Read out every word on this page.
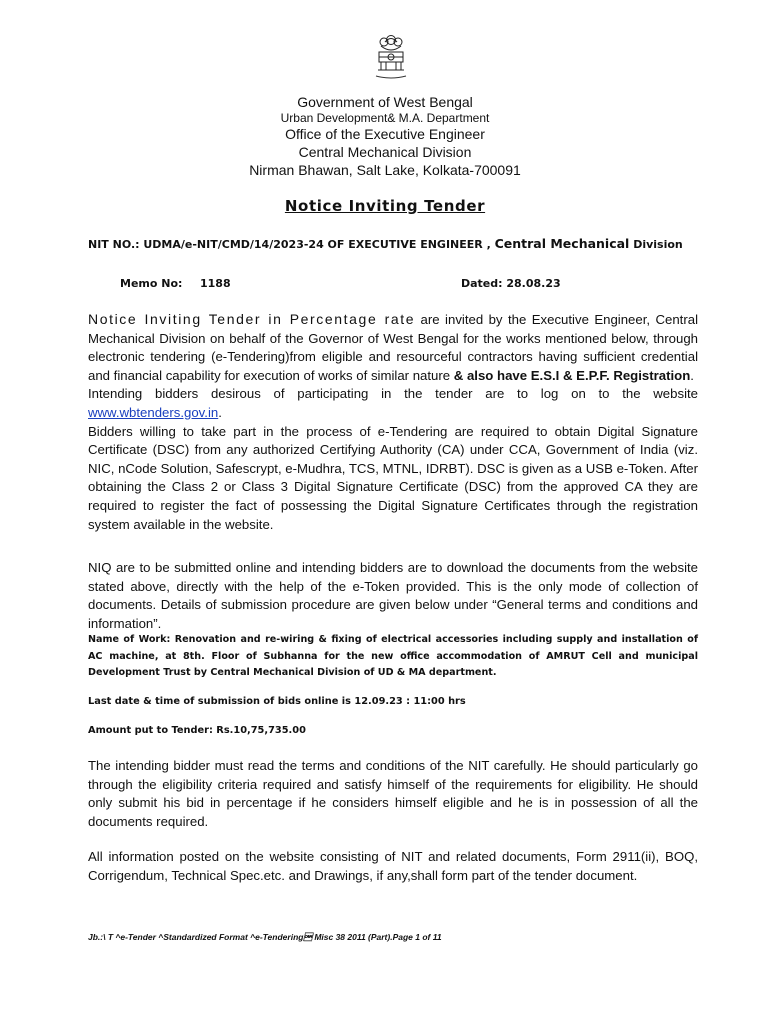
Government of West Bengal
Urban Development& M.A. Department
Office of the Executive Engineer
Central Mechanical Division
Nirman Bhawan, Salt Lake, Kolkata-700091
Notice Inviting Tender
NIT NO.: UDMA/e-NIT/CMD/14/2023-24 OF EXECUTIVE ENGINEER , Central Mechanical Division
Memo No: 1188	Dated: 28.08.23
Notice Inviting Tender in Percentage rate are invited by the Executive Engineer, Central Mechanical Division on behalf of the Governor of West Bengal for the works mentioned below, through electronic tendering (e-Tendering)from eligible and resourceful contractors having sufficient credential and financial capability for execution of works of similar nature & also have E.S.I & E.P.F. Registration.
Intending bidders desirous of participating in the tender are to log on to the website www.wbtenders.gov.in.
Bidders willing to take part in the process of e-Tendering are required to obtain Digital Signature Certificate (DSC) from any authorized Certifying Authority (CA) under CCA, Government of India (viz. NIC, nCode Solution, Safescrypt, e-Mudhra, TCS, MTNL, IDRBT). DSC is given as a USB e-Token. After obtaining the Class 2 or Class 3 Digital Signature Certificate (DSC) from the approved CA they are required to register the fact of possessing the Digital Signature Certificates through the registration system available in the website.
NIQ are to be submitted online and intending bidders are to download the documents from the website stated above, directly with the help of the e-Token provided. This is the only mode of collection of documents. Details of submission procedure are given below under “General terms and conditions and information”.
Name of Work: Renovation and re-wiring & fixing of electrical accessories including supply and installation of AC machine, at 8th. Floor of Subhanna for the new office accommodation of AMRUT Cell and municipal Development Trust by Central Mechanical Division of UD & MA department.
Last date & time of submission of bids online is 12.09.23 : 11:00 hrs
Amount put to Tender: Rs.10,75,735.00
The intending bidder must read the terms and conditions of the NIT carefully. He should particularly go through the eligibility criteria required and satisfy himself of the requirements for eligibility. He should only submit his bid in percentage if he considers himself eligible and he is in possession of all the documents required.
All information posted on the website consisting of NIT and related documents, Form 2911(ii), BOQ, Corrigendum, Technical Spec.etc. and Drawings, if any,shall form part of the tender document.
Jb.:\ T ^e-Tender ^Standardized Format ^e-Tendering Misc 38 2011 (Part).Page 1 of 11
